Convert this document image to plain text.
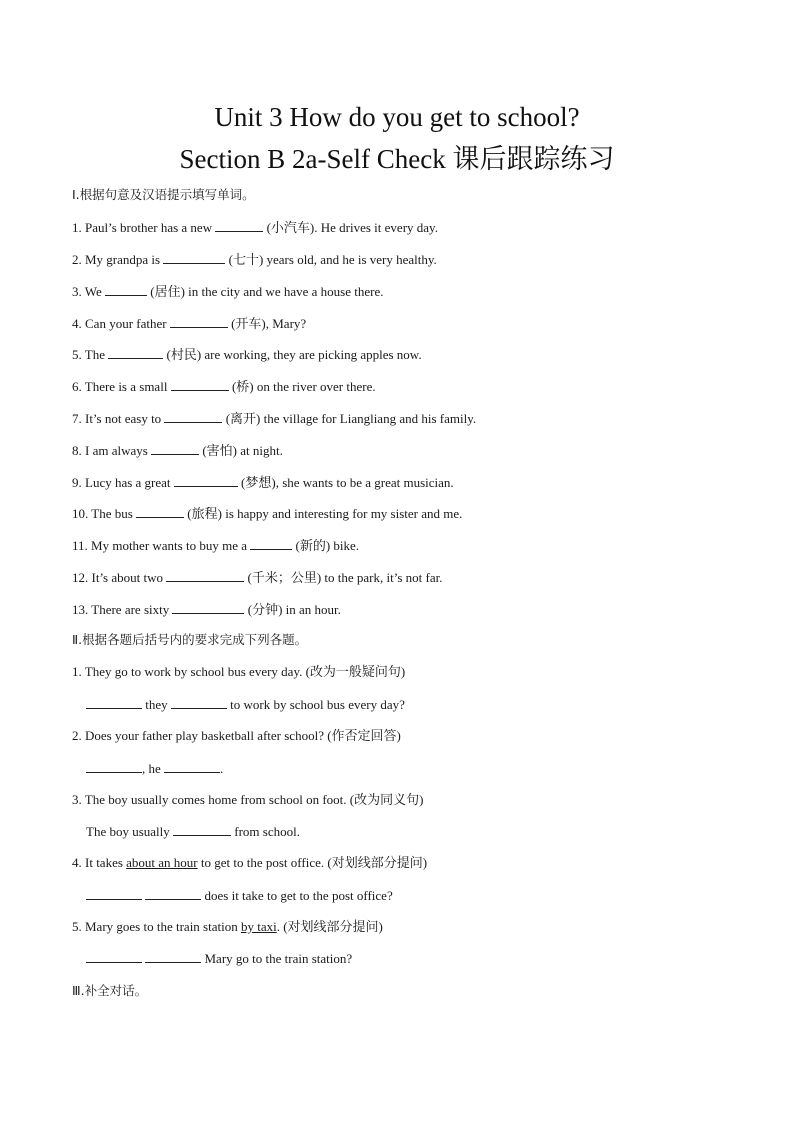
Unit 3 How do you get to school?
Section B 2a-Self Check 课后跟踪练习
Ⅰ.根据句意及汉语提示填写单词。
1. Paul’s brother has a new	(小汽车). He drives it every day.
2. My grandpa is	(七十) years old, and he is very healthy.
3. We	(居住) in the city and we have a house there.
4. Can your father	(开车), Mary?
5. The	(村民) are working, they are picking apples now.
6. There is a small	(桥) on the river over there.
7. It’s not easy to	(离开) the village for Liangliang and his family.
8. I am always	(害怕) at night.
9. Lucy has a great	(梦想), she wants to be a great musician.
10. The bus	(旅程) is happy and interesting for my sister and me.
11. My mother wants to buy me a	(新的) bike.
12. It’s about two	(千米；公里) to the park, it’s not far.
13. There are sixty	(分钟) in an hour.
Ⅱ.根据各题后括号内的要求完成下列各题。
1. They go to work by school bus every day. (改为一般疑问句)
they	to work by school bus every day?
2. Does your father play basketball after school? (作否定回答)
, he	.
3. The boy usually comes home from school on foot. (改为同义句)
The boy usually	from school.
4. It takes about an hour to get to the post office. (对划线部分提问)
does it take to get to the post office?
5. Mary goes to the train station by taxi. (对划线部分提问)
Mary go to the train station?
Ⅲ.补全对话。
